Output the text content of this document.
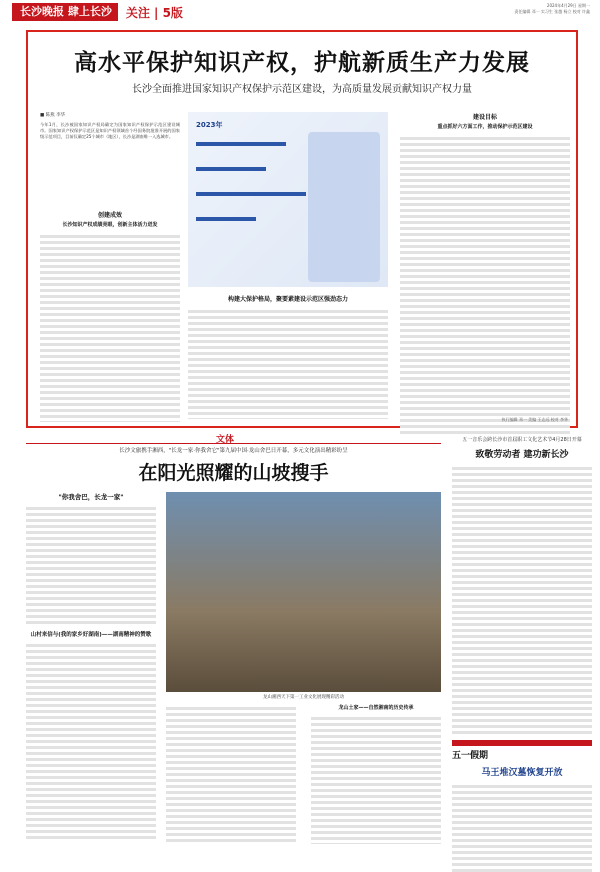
长沙晚报 肆上长沙	关注 | 5版	2024年4月29日 星期一
责任编辑 邓一 实习生 张越 杨立 校对 许鑫
高水平保护知识产权，护航新质生产力发展
长沙全面推进国家知识产权保护示范区建设，为高质量发展贡献知识产权力量
■ 陈燕 李华
今年1月，长沙被国家知识产权局确定为国家知识产权保护示范区建设城市。国家知识产权保护示范区是知识产权领域首个经国务院批准开展的国家级示范项目，目前仅确定25个城市（地区），长沙是湖南唯一入选城市。
创建成效
长沙知识产权成绩亮眼，创新主体活力迸发
2023年
构建大保护格局，聚要素建设示范区强劲态力
建设目标
重点抓好六方面工作，推动保护示范区建设
执行编辑 邓一 美编 王志远 校对 李华
文体
长沙文旅携手湘西，"长龙一家·你我舍它"第九届中国·龙山舍巴日开幕，多元文化演出精彩纷呈
在阳光照耀的山坡搜手
"你我舍巴，长龙一家"
山村来信与(我的家乡好湖南)——湖南精神的赞歌
龙山湘西天下第一工业文化展现精彩活动
龙山土家——自然湘南的历史传承
五一音乐会跨长沙市首届职工文化艺术节4月28日开幕
致敬劳动者 建功新长沙
五一假期
马王堆汉墓恢复开放
